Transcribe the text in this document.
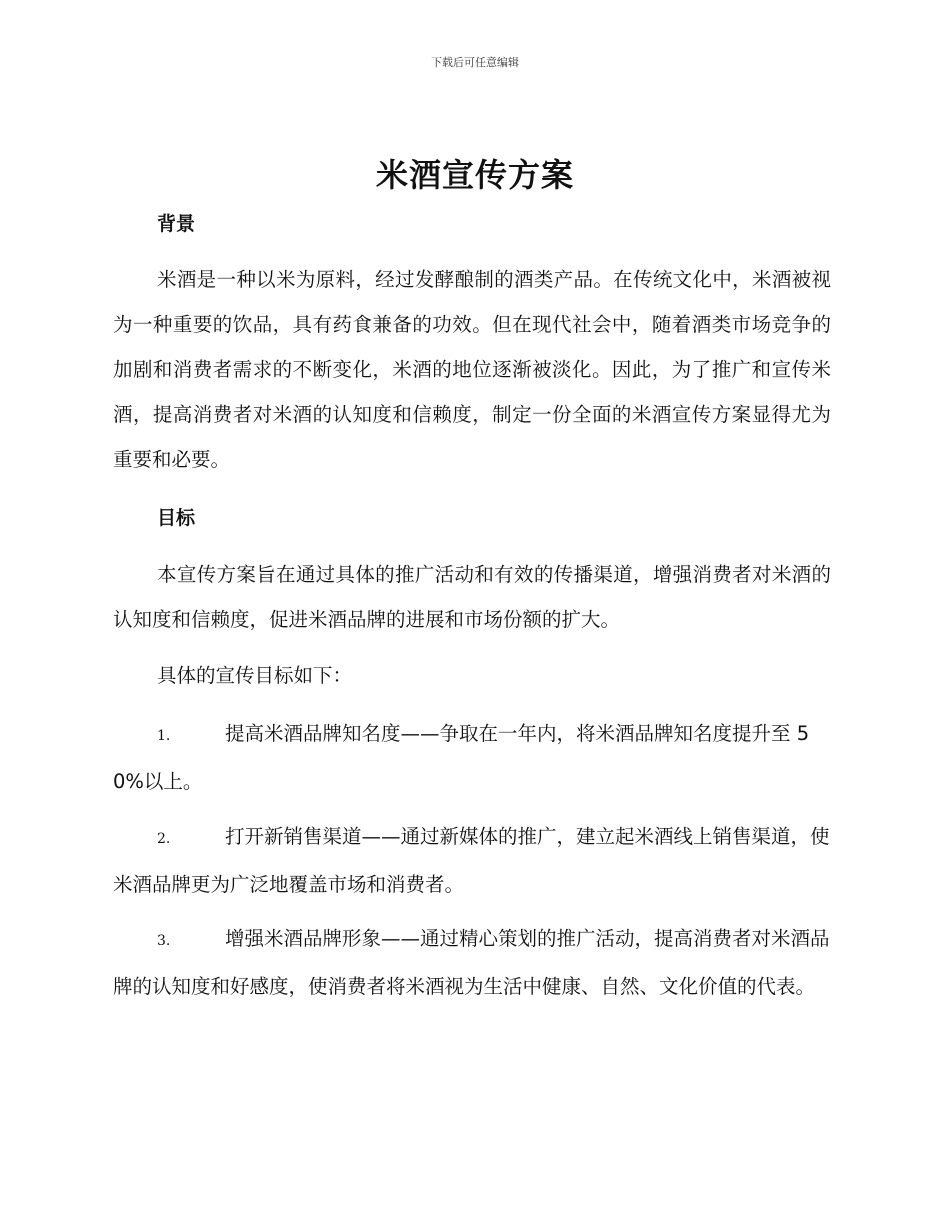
下载后可任意编辑
米酒宣传方案
背景

米酒是一种以米为原料，经过发酵酿制的酒类产品。在传统文化中，米酒被视为一种重要的饮品，具有药食兼备的功效。但在现代社会中，随着酒类市场竞争的加剧和消费者需求的不断变化，米酒的地位逐渐被淡化。因此，为了推广和宣传米酒，提高消费者对米酒的认知度和信赖度，制定一份全面的米酒宣传方案显得尤为重要和必要。

目标

本宣传方案旨在通过具体的推广活动和有效的传播渠道，增强消费者对米酒的认知度和信赖度，促进米酒品牌的进展和市场份额的扩大。

具体的宣传目标如下：

1.	提高米酒品牌知名度——争取在一年内，将米酒品牌知名度提升至 50%以上。

2.	打开新销售渠道——通过新媒体的推广，建立起米酒线上销售渠道，使米酒品牌更为广泛地覆盖市场和消费者。

3.	增强米酒品牌形象——通过精心策划的推广活动，提高消费者对米酒品牌的认知度和好感度，使消费者将米酒视为生活中健康、自然、文化价值的代表。
